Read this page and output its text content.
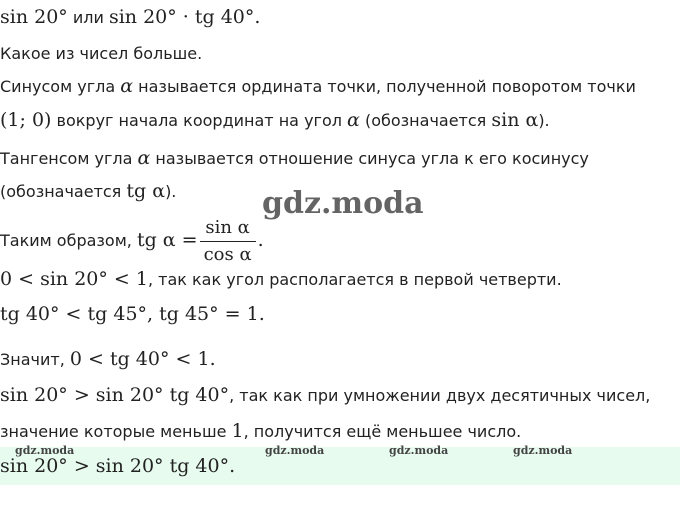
sin 20° или sin 20° · tg 40°.
Какое из чисел больше.
Синусом угла α называется ордината точки, полученной поворотом точки
(1; 0) вокруг начала координат на угол α (обозначается sin α).
Тангенсом угла α называется отношение синуса угла к его косинусу
(обозначается tg α).
Таким образом, tg $\alpha = \frac{\text{sin α}}{\text{cos α}}$ .
0 < sin 20° < 1, так как угол располагается в первой четверти.
tg 40° < tg 45°, tg 45° = 1.
Значит, 0 < tg 40° < 1.
sin 20° > sin 20° tg 40°, так как при умножении двух десятичных чисел,
значение которые меньше 1, получится ещё меньшее число.
sin 20° > sin 20° tg 40°.
gdz.moda
gdz.moda	gdz.moda	gdz.moda	gdz.moda
